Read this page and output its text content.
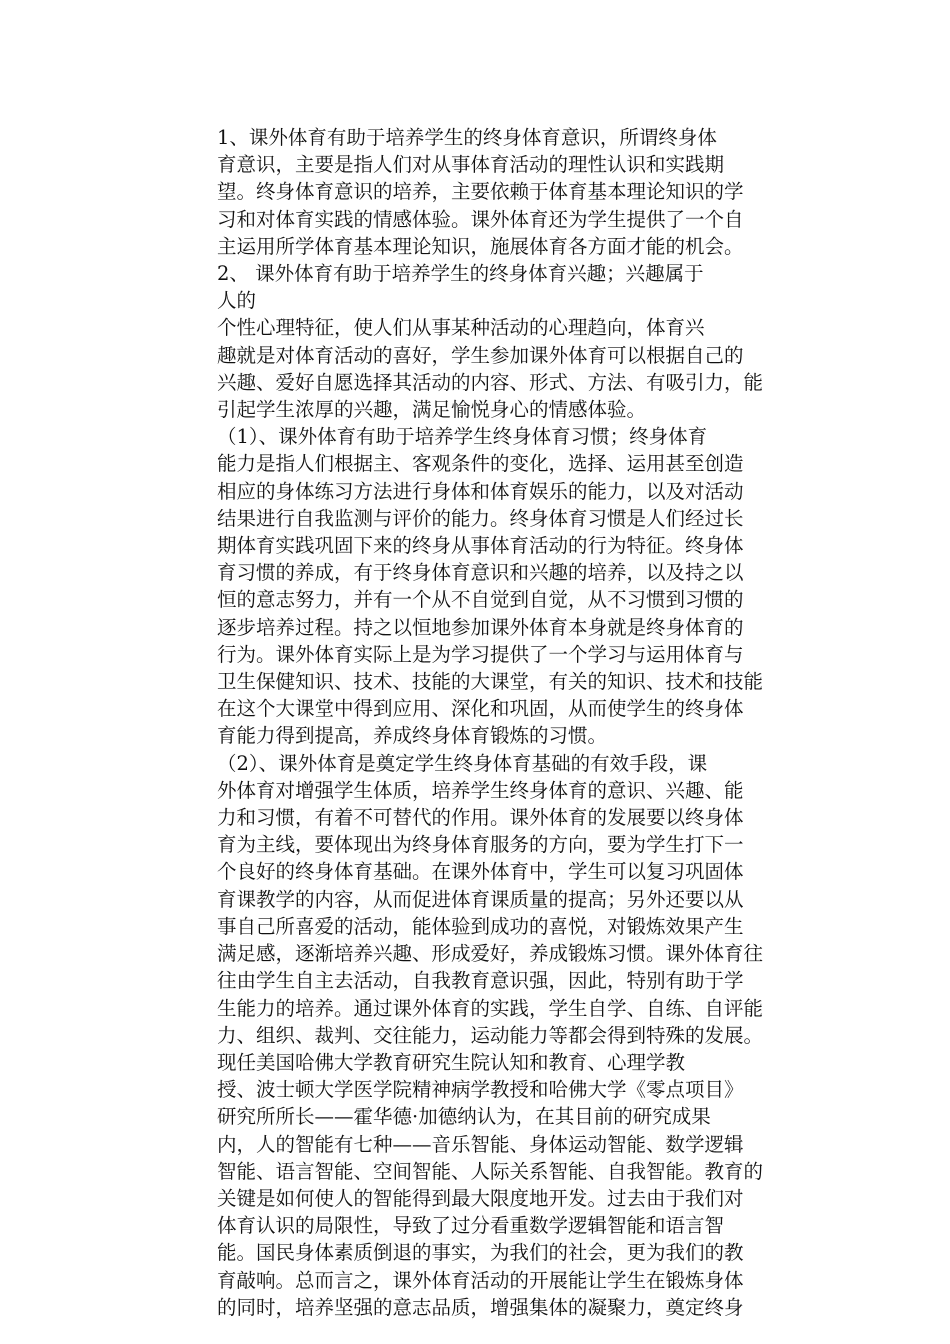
1、课外体育有助于培养学生的终身体育意识，所谓终身体
育意识，主要是指人们对从事体育活动的理性认识和实践期
望。终身体育意识的培养，主要依赖于体育基本理论知识的学
习和对体育实践的情感体验。课外体育还为学生提供了一个自
主运用所学体育基本理论知识，施展体育各方面才能的机会。
2、 课外体育有助于培养学生的终身体育兴趣；兴趣属于
人的
个性心理特征，使人们从事某种活动的心理趋向，体育兴
趣就是对体育活动的喜好，学生参加课外体育可以根据自己的
兴趣、爱好自愿选择其活动的内容、形式、方法、有吸引力，能
引起学生浓厚的兴趣，满足愉悦身心的情感体验。
（1）、课外体育有助于培养学生终身体育习惯；终身体育
能力是指人们根据主、客观条件的变化，选择、运用甚至创造
相应的身体练习方法进行身体和体育娱乐的能力，以及对活动
结果进行自我监测与评价的能力。终身体育习惯是人们经过长
期体育实践巩固下来的终身从事体育活动的行为特征。终身体
育习惯的养成，有于终身体育意识和兴趣的培养，以及持之以
恒的意志努力，并有一个从不自觉到自觉，从不习惯到习惯的
逐步培养过程。持之以恒地参加课外体育本身就是终身体育的
行为。课外体育实际上是为学习提供了一个学习与运用体育与
卫生保健知识、技术、技能的大课堂，有关的知识、技术和技能
在这个大课堂中得到应用、深化和巩固，从而使学生的终身体
育能力得到提高，养成终身体育锻炼的习惯。
（2）、课外体育是奠定学生终身体育基础的有效手段，课
外体育对增强学生体质，培养学生终身体育的意识、兴趣、能
力和习惯，有着不可替代的作用。课外体育的发展要以终身体
育为主线，要体现出为终身体育服务的方向，要为学生打下一
个良好的终身体育基础。在课外体育中，学生可以复习巩固体
育课教学的内容，从而促进体育课质量的提高；另外还要以从
事自己所喜爱的活动，能体验到成功的喜悦，对锻炼效果产生
满足感，逐渐培养兴趣、形成爱好，养成锻炼习惯。课外体育往
往由学生自主去活动，自我教育意识强，因此，特别有助于学
生能力的培养。通过课外体育的实践，学生自学、自练、自评能
力、组织、裁判、交往能力，运动能力等都会得到特殊的发展。
现任美国哈佛大学教育研究生院认知和教育、心理学教
授、波士顿大学医学院精神病学教授和哈佛大学《零点项目》
研究所所长——霍华德·加德纳认为，在其目前的研究成果
内，人的智能有七种——音乐智能、身体运动智能、数学逻辑
智能、语言智能、空间智能、人际关系智能、自我智能。教育的
关键是如何使人的智能得到最大限度地开发。过去由于我们对
体育认识的局限性，导致了过分看重数学逻辑智能和语言智
能。国民身体素质倒退的事实，为我们的社会，更为我们的教
育敲响。总而言之，课外体育活动的开展能让学生在锻炼身体
的同时，培养坚强的意志品质，增强集体的凝聚力，奠定终身
